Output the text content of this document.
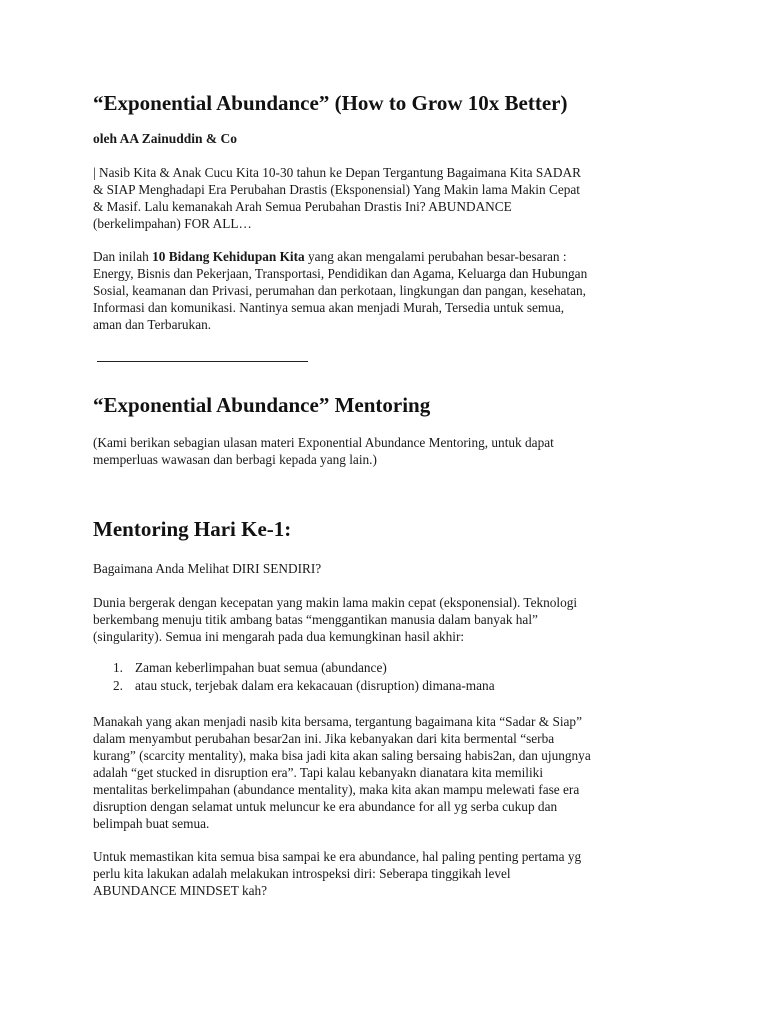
“Exponential Abundance” (How to Grow 10x Better)
oleh AA Zainuddin & Co

| Nasib Kita & Anak Cucu Kita 10-30 tahun ke Depan Tergantung Bagaimana Kita SADAR
& SIAP Menghadapi Era Perubahan Drastis (Eksponensial) Yang Makin lama Makin Cepat
& Masif. Lalu kemanakah Arah Semua Perubahan Drastis Ini? ABUNDANCE
(berkelimpahan) FOR ALL…

Dan inilah 10 Bidang Kehidupan Kita yang akan mengalami perubahan besar-besaran :
Energy, Bisnis dan Pekerjaan, Transportasi, Pendidikan dan Agama, Keluarga dan Hubungan
Sosial, keamanan dan Privasi, perumahan dan perkotaan, lingkungan dan pangan, kesehatan,
Informasi dan komunikasi. Nantinya semua akan menjadi Murah, Tersedia untuk semua,
aman dan Terbarukan.

“Exponential Abundance” Mentoring

(Kami berikan sebagian ulasan materi Exponential Abundance Mentoring, untuk dapat
memperluas wawasan dan berbagi kepada yang lain.)

Mentoring Hari Ke-1:

Bagaimana Anda Melihat DIRI SENDIRI?

Dunia bergerak dengan kecepatan yang makin lama makin cepat (eksponensial). Teknologi
berkembang menuju titik ambang batas “menggantikan manusia dalam banyak hal”
(singularity). Semua ini mengarah pada dua kemungkinan hasil akhir:

1. Zaman keberlimpahan buat semua (abundance)
2. atau stuck, terjebak dalam era kekacauan (disruption) dimana-mana

Manakah yang akan menjadi nasib kita bersama, tergantung bagaimana kita “Sadar & Siap”
dalam menyambut perubahan besar2an ini. Jika kebanyakan dari kita bermental “serba
kurang” (scarcity mentality), maka bisa jadi kita akan saling bersaing habis2an, dan ujungnya
adalah “get stucked in disruption era”. Tapi kalau kebanyakn dianatara kita memiliki
mentalitas berkelimpahan (abundance mentality), maka kita akan mampu melewati fase era
disruption dengan selamat untuk meluncur ke era abundance for all yg serba cukup dan
belimpah buat semua.

Untuk memastikan kita semua bisa sampai ke era abundance, hal paling penting pertama yg
perlu kita lakukan adalah melakukan introspeksi diri: Seberapa tinggikah level
ABUNDANCE MINDSET kah?
